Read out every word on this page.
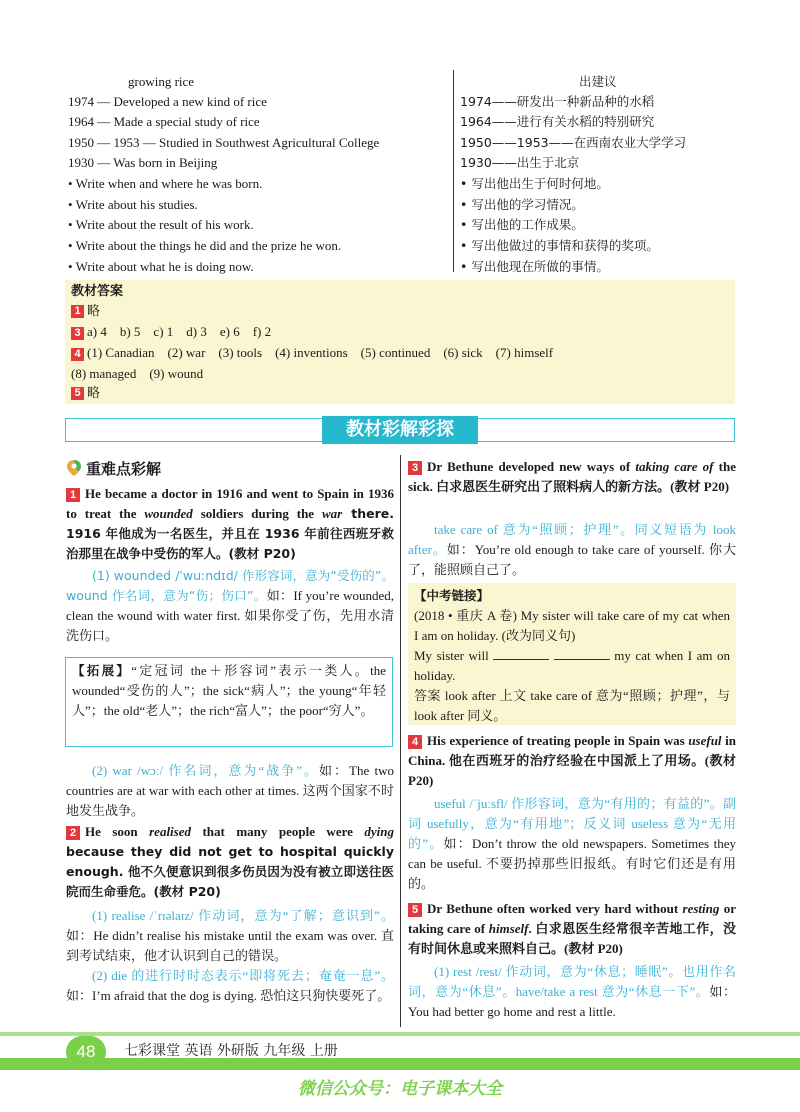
growing rice
1974 — Developed a new kind of rice
1964 — Made a special study of rice
1950 — 1953 — Studied in Southwest Agricultural College
1930 — Was born in Beijing
• Write when and where he was born.
• Write about his studies.
• Write about the result of his work.
• Write about the things he did and the prize he won.
• Write about what he is doing now.
出建议
1974——研发出一种新品种的水稻
1964——进行有关水稻的特别研究
1950——1953——在西南农业大学学习
1930——出生于北京
• 写出他出生于何时何地。
• 写出他的学习情况。
• 写出他的工作成果。
• 写出他做过的事情和获得的奖项。
• 写出他现在所做的事情。
教材答案
1 略
3 a) 4    b) 5    c) 1    d) 3    e) 6    f) 2
4 (1) Canadian    (2) war    (3) tools    (4) inventions    (5) continued    (6) sick    (7) himself
(8) managed    (9) wound
5 略
教材彩解彩探
重难点彩解
1 He became a doctor in 1916 and went to Spain in 1936 to treat the wounded soldiers during the war there. 1916 年他成为一名医生，并且在 1936 年前往西班牙救治那里在战争中受伤的军人。(教材 P20)
(1) wounded /ˈwuːndɪd/ 作形容词，意为“受伤的”。wound 作名词，意为“伤；伤口”。如：If you’re wounded, clean the wound with water first. 如果你受了伤，先用水清洗伤口。
【拓展】“定冠词 the＋形容词”表示一类人。the wounded“受伤的人”；the sick“病人”；the young“年轻人”；the old“老人”；the rich“富人”；the poor“穷人”。
(2) war /wɔː/ 作名词，意为“战争”。如：The two countries are at war with each other at times. 这两个国家不时地发生战争。
2 He soon realised that many people were dying because they did not get to hospital quickly enough. 他不久便意识到很多伤员因为没有被立即送往医院而生命垂危。(教材 P20)
(1) realise /ˈrɪəlaɪz/ 作动词，意为“了解；意识到”。如：He didn’t realise his mistake until the exam was over. 直到考试结束，他才认识到自己的错误。
(2) die 的进行时时态表示“即将死去；奄奄一息”。如：I’m afraid that the dog is dying. 恐怕这只狗快要死了。
3 Dr Bethune developed new ways of taking care of the sick. 白求恩医生研究出了照料病人的新方法。(教材 P20)
take care of 意为“照顾；护理”。同义短语为 look after。如：You’re old enough to take care of yourself. 你大了，能照顾自己了。
【中考链接】
(2018 • 重庆 A 卷) My sister will take care of my cat when I am on holiday. (改为同义句)
My sister will	my cat when I am on holiday.
答案 look after 上文 take care of 意为“照顾；护理”，与 look after 同义。
4 His experience of treating people in Spain was useful in China. 他在西班牙的治疗经验在中国派上了用场。(教材 P20)
useful /ˈjuːsfl/ 作形容词，意为“有用的；有益的”。副词 usefully，意为“有用地”；反义词 useless 意为“无用的”。如：Don’t throw the old newspapers. Sometimes they can be useful. 不要扔掉那些旧报纸。有时它们还是有用的。
5 Dr Bethune often worked very hard without resting or taking care of himself. 白求恩医生经常很辛苦地工作，没有时间休息或来照料自己。(教材 P20)
(1) rest /rest/ 作动词，意为“休息；睡眠”。也用作名词，意为“休息”。have/take a rest 意为“休息一下”。如：You had better go home and rest a little.
48	七彩课堂 英语 外研版 九年级 上册
微信公众号：电子课本大全
